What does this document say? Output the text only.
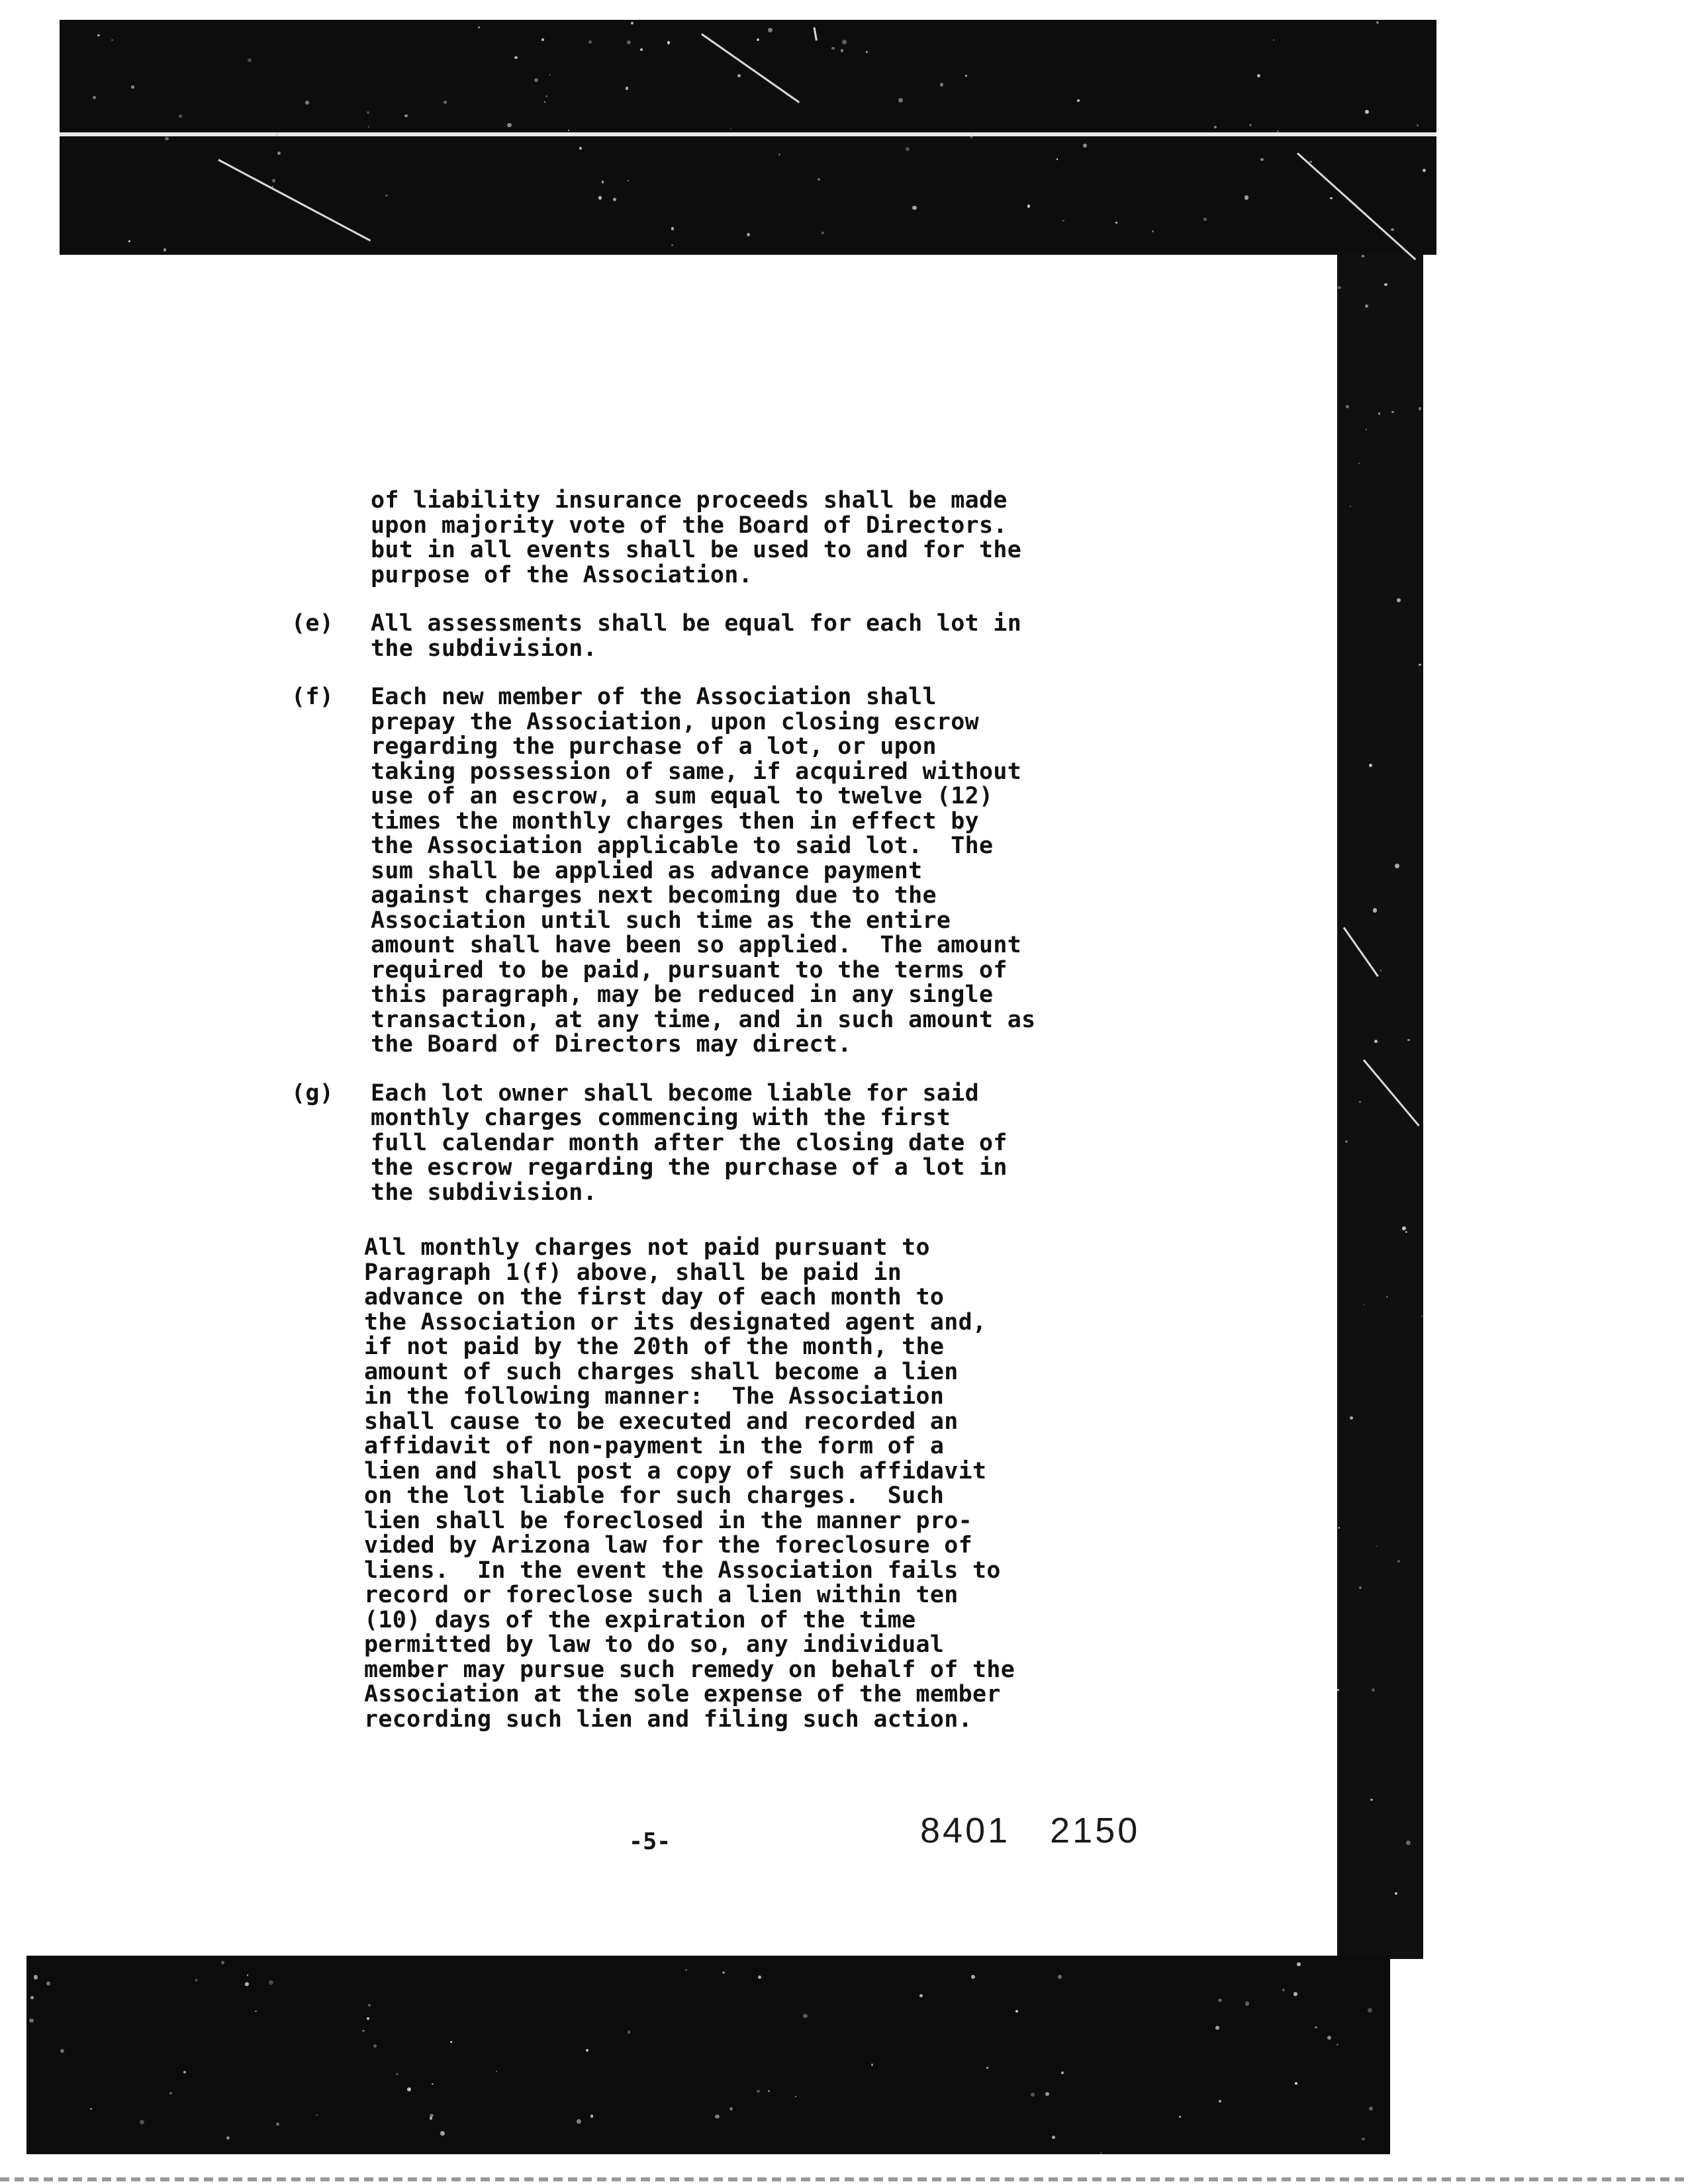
of liability insurance proceeds shall be made
upon majority vote of the Board of Directors.
but in all events shall be used to and for the
purpose of the Association.
(e) All assessments shall be equal for each lot in
the subdivision.
(f) Each new member of the Association shall
prepay the Association, upon closing escrow
regarding the purchase of a lot, or upon
taking possession of same, if acquired without
use of an escrow, a sum equal to twelve (12)
times the monthly charges then in effect by
the Association applicable to said lot.  The
sum shall be applied as advance payment
against charges next becoming due to the
Association until such time as the entire
amount shall have been so applied.  The amount
required to be paid, pursuant to the terms of
this paragraph, may be reduced in any single
transaction, at any time, and in such amount as
the Board of Directors may direct.
(g) Each lot owner shall become liable for said
monthly charges commencing with the first
full calendar month after the closing date of
the escrow regarding the purchase of a lot in
the subdivision.
All monthly charges not paid pursuant to
Paragraph 1(f) above, shall be paid in
advance on the first day of each month to
the Association or its designated agent and,
if not paid by the 20th of the month, the
amount of such charges shall become a lien
in the following manner:  The Association
shall cause to be executed and recorded an
affidavit of non-payment in the form of a
lien and shall post a copy of such affidavit
on the lot liable for such charges.  Such
lien shall be foreclosed in the manner pro-
vided by Arizona law for the foreclosure of
liens.  In the event the Association fails to
record or foreclose such a lien within ten
(10) days of the expiration of the time
permitted by law to do so, any individual
member may pursue such remedy on behalf of the
Association at the sole expense of the member
recording such lien and filing such action.
-5-	8401 2150
